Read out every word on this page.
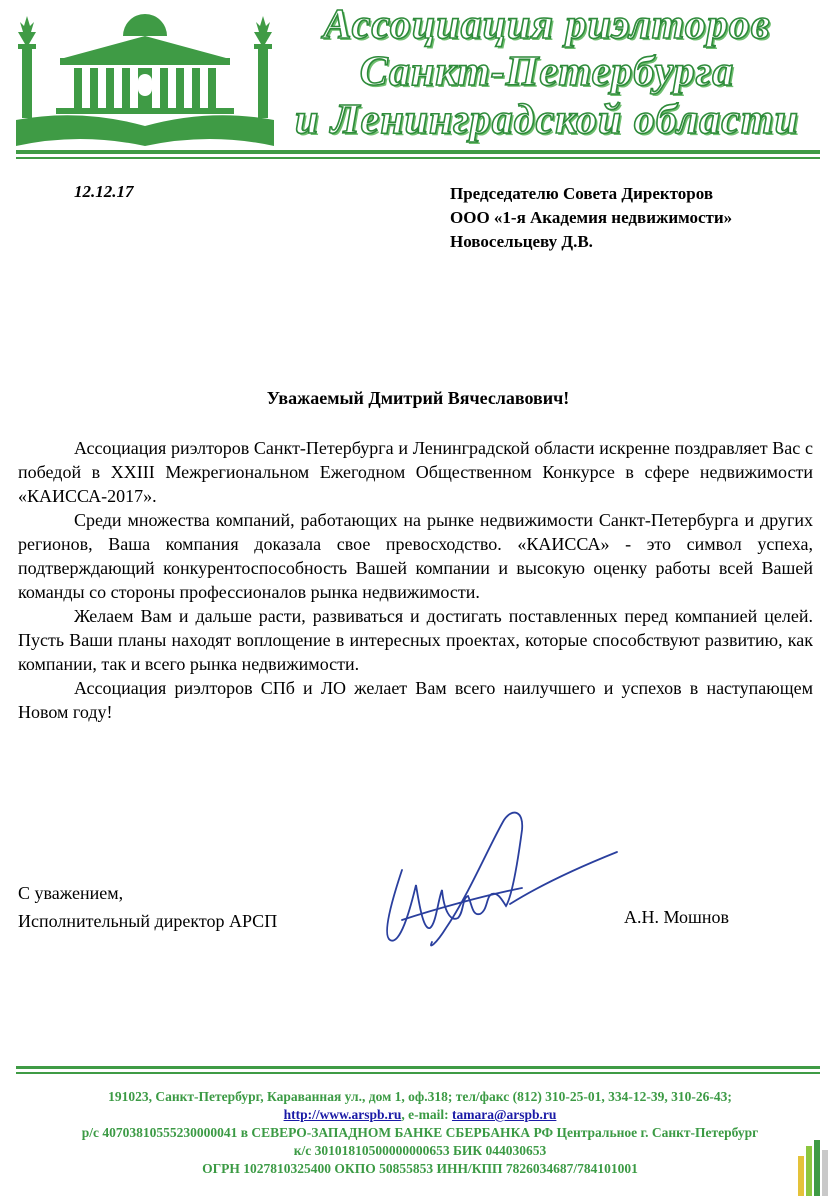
Ассоциация риэлторов
Санкт-Петербурга
и Ленинградской области
12.12.17	Председателю Совета Директоров
ООО «1-я Академия недвижимости»
Новосельцеву Д.В.
Уважаемый Дмитрий Вячеславович!

Ассоциация риэлторов Санкт-Петербурга и Ленинградской области искренне поздравляет Вас с победой в XXIII Межрегиональном Ежегодном Общественном Конкурсе в сфере недвижимости «КАИССА-2017».

Среди множества компаний, работающих на рынке недвижимости Санкт-Петербурга и других регионов, Ваша компания доказала свое превосходство. «КАИССА» - это символ успеха, подтверждающий конкурентоспособность Вашей компании и высокую оценку работы всей Вашей команды со стороны профессионалов рынка недвижимости.

Желаем Вам и дальше расти, развиваться и достигать поставленных перед компанией целей. Пусть Ваши планы находят воплощение в интересных проектах, которые способствуют развитию, как компании, так и всего рынка недвижимости.

Ассоциация риэлторов СПб и ЛО желает Вам всего наилучшего и успехов в наступающем Новом году!

С уважением,
Исполнительный директор АРСП	А.Н. Мошнов
191023, Санкт-Петербург, Караванная ул., дом 1, оф.318; тел/факс (812) 310-25-01, 334-12-39, 310-26-43;
http://www.arspb.ru, e-mail: tamara@arspb.ru
р/с 40703810555230000041 в СЕВЕРО-ЗАПАДНОМ БАНКЕ СБЕРБАНКА РФ Центральное г. Санкт-Петербург
к/с 30101810500000000653 БИК 044030653
ОГРН 1027810325400 ОКПО 50855853 ИНН/КПП 7826034687/784101001
